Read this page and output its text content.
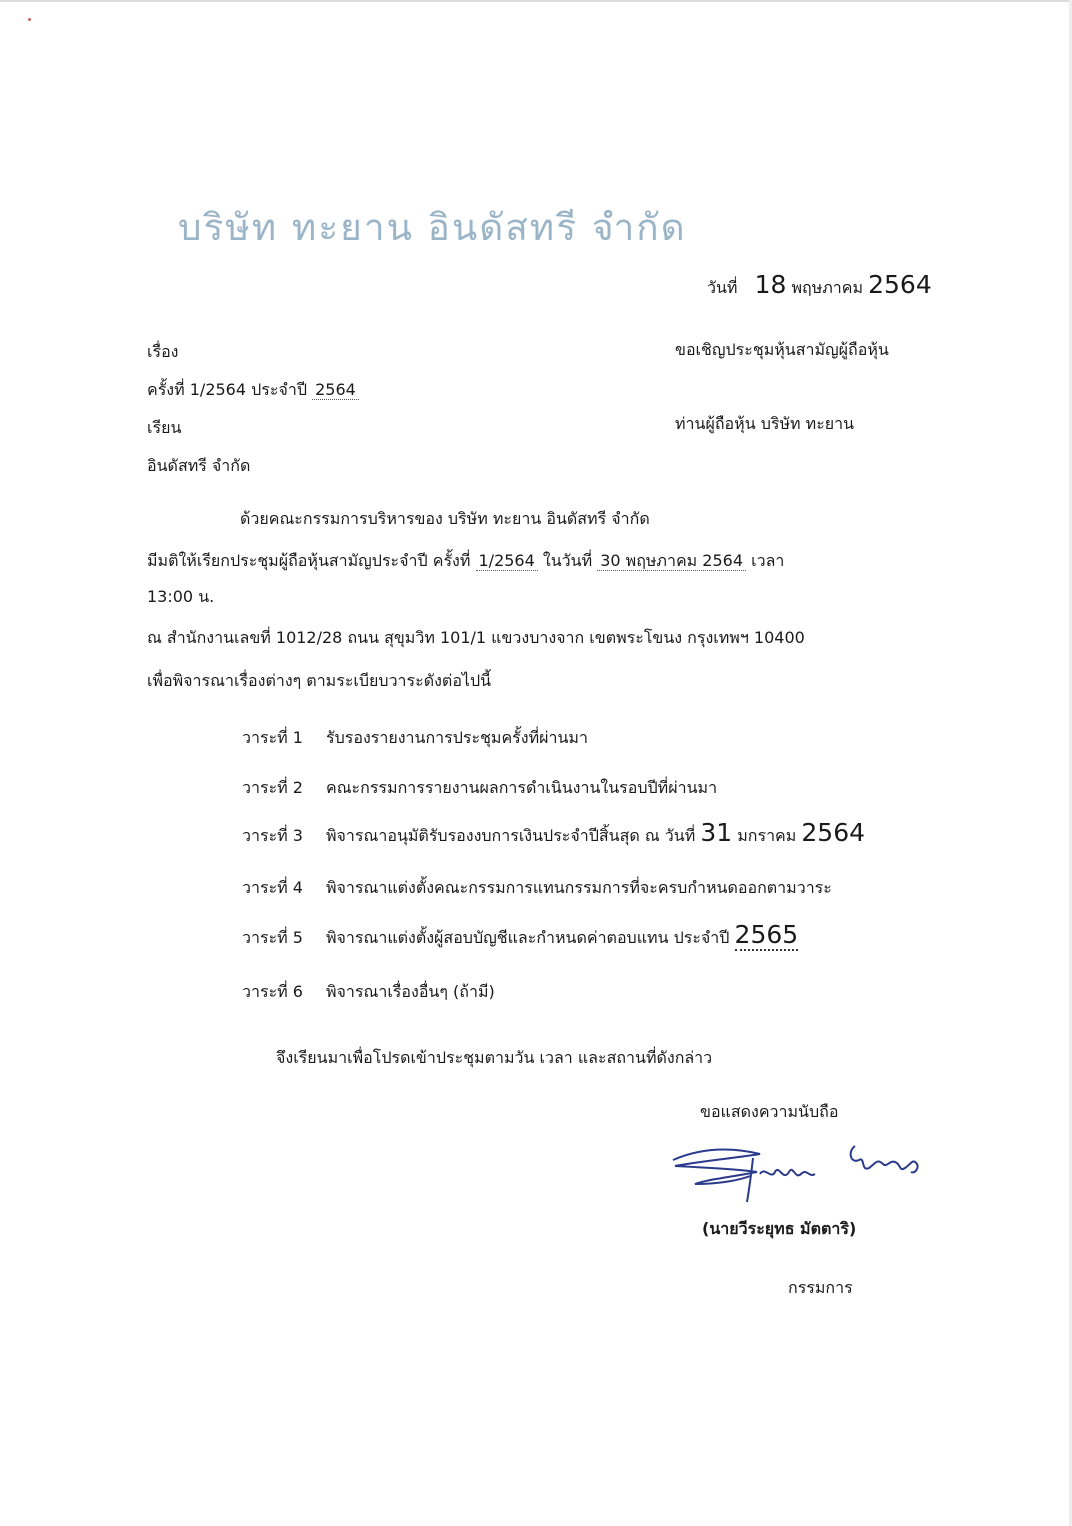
บริษัท ทะยาน อินดัสทรี จำกัด
วันที่ 18 พฤษภาคม 2564
เรื่อง	ขอเชิญประชุมหุ้นสามัญผู้ถือหุ้น
ครั้งที่ 1/2564 ประจำปี 2564
เรียน	ท่านผู้ถือหุ้น บริษัท ทะยาน
อินดัสทรี จำกัด
ด้วยคณะกรรมการบริหารของ บริษัท ทะยาน อินดัสทรี จำกัด
มีมติให้เรียกประชุมผู้ถือหุ้นสามัญประจำปี ครั้งที่ 1/2564 ในวันที่ 30 พฤษภาคม 2564 เวลา
13:00 น.
ณ สำนักงานเลขที่ 1012/28 ถนน สุขุมวิท 101/1 แขวงบางจาก เขตพระโขนง กรุงเทพฯ 10400
เพื่อพิจารณาเรื่องต่างๆ ตามระเบียบวาระดังต่อไปนี้
วาระที่ 1 รับรองรายงานการประชุมครั้งที่ผ่านมา
วาระที่ 2 คณะกรรมการรายงานผลการดำเนินงานในรอบปีที่ผ่านมา
วาระที่ 3 พิจารณาอนุมัติรับรองงบการเงินประจำปีสิ้นสุด ณ วันที่ 31 มกราคม 2564
วาระที่ 4 พิจารณาแต่งตั้งคณะกรรมการแทนกรรมการที่จะครบกำหนดออกตามวาระ
วาระที่ 5 พิจารณาแต่งตั้งผู้สอบบัญชีและกำหนดค่าตอบแทน ประจำปี 2565
วาระที่ 6 พิจารณาเรื่องอื่นๆ (ถ้ามี)
จึงเรียนมาเพื่อโปรดเข้าประชุมตามวัน เวลา และสถานที่ดังกล่าว
ขอแสดงความนับถือ
(นายวีระยุทธ มัตตาริ)
กรรมการ
